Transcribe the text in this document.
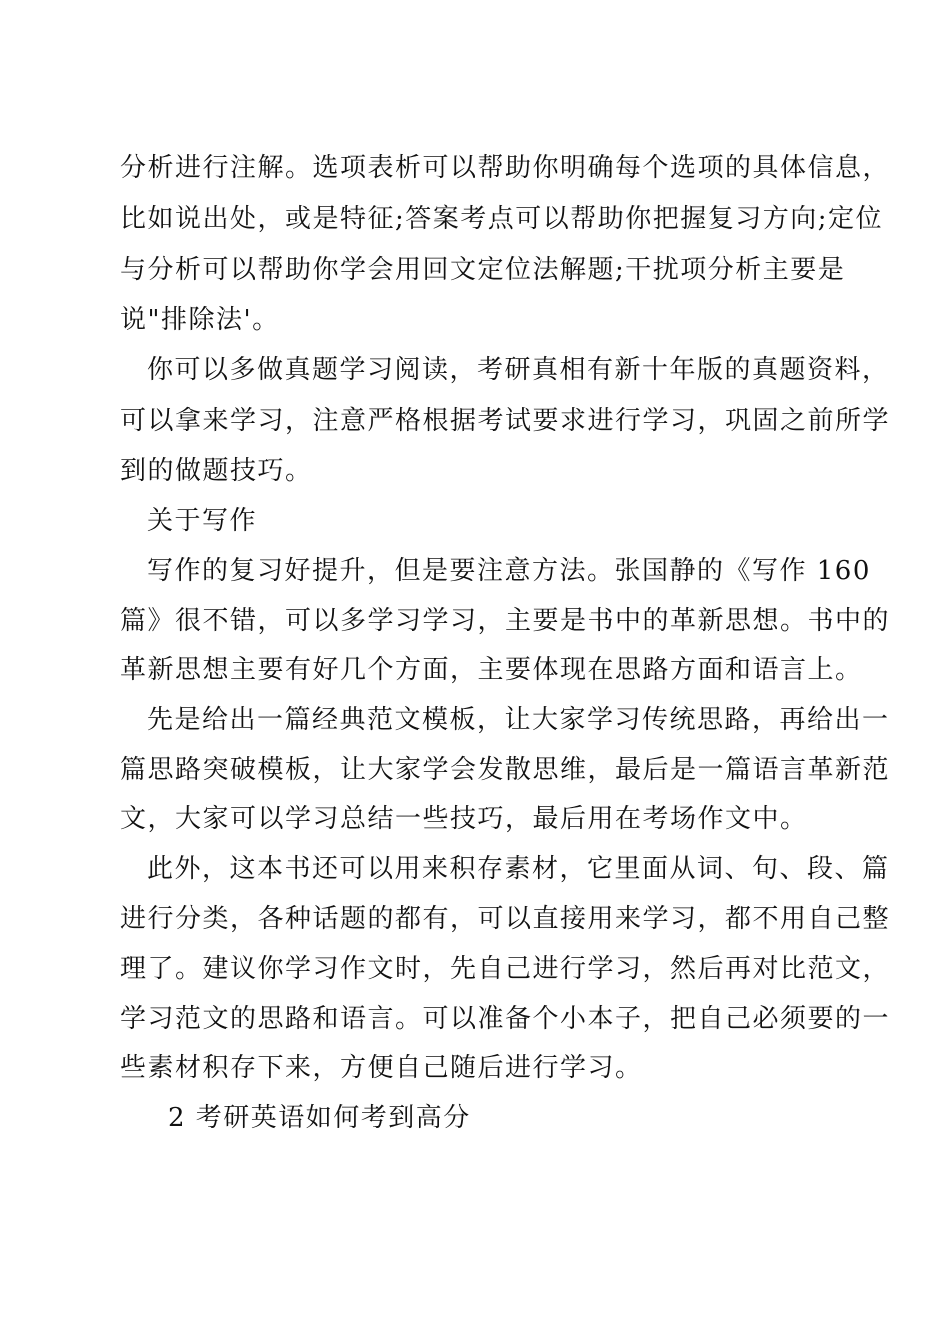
分析进行注解。选项表析可以帮助你明确每个选项的具体信息，
比如说出处，或是特征;答案考点可以帮助你把握复习方向;定位
与分析可以帮助你学会用回文定位法解题;干扰项分析主要是
说"排除法'。
你可以多做真题学习阅读，考研真相有新十年版的真题资料，
可以拿来学习，注意严格根据考试要求进行学习，巩固之前所学
到的做题技巧。
关于写作
写作的复习好提升，但是要注意方法。张国静的《写作 160
篇》很不错，可以多学习学习，主要是书中的革新思想。书中的
革新思想主要有好几个方面，主要体现在思路方面和语言上。
先是给出一篇经典范文模板，让大家学习传统思路，再给出一
篇思路突破模板，让大家学会发散思维，最后是一篇语言革新范
文，大家可以学习总结一些技巧，最后用在考场作文中。
此外，这本书还可以用来积存素材，它里面从词、句、段、篇
进行分类，各种话题的都有，可以直接用来学习，都不用自己整
理了。建议你学习作文时，先自己进行学习，然后再对比范文，
学习范文的思路和语言。可以准备个小本子，把自己必须要的一
些素材积存下来，方便自己随后进行学习。
2 考研英语如何考到高分
